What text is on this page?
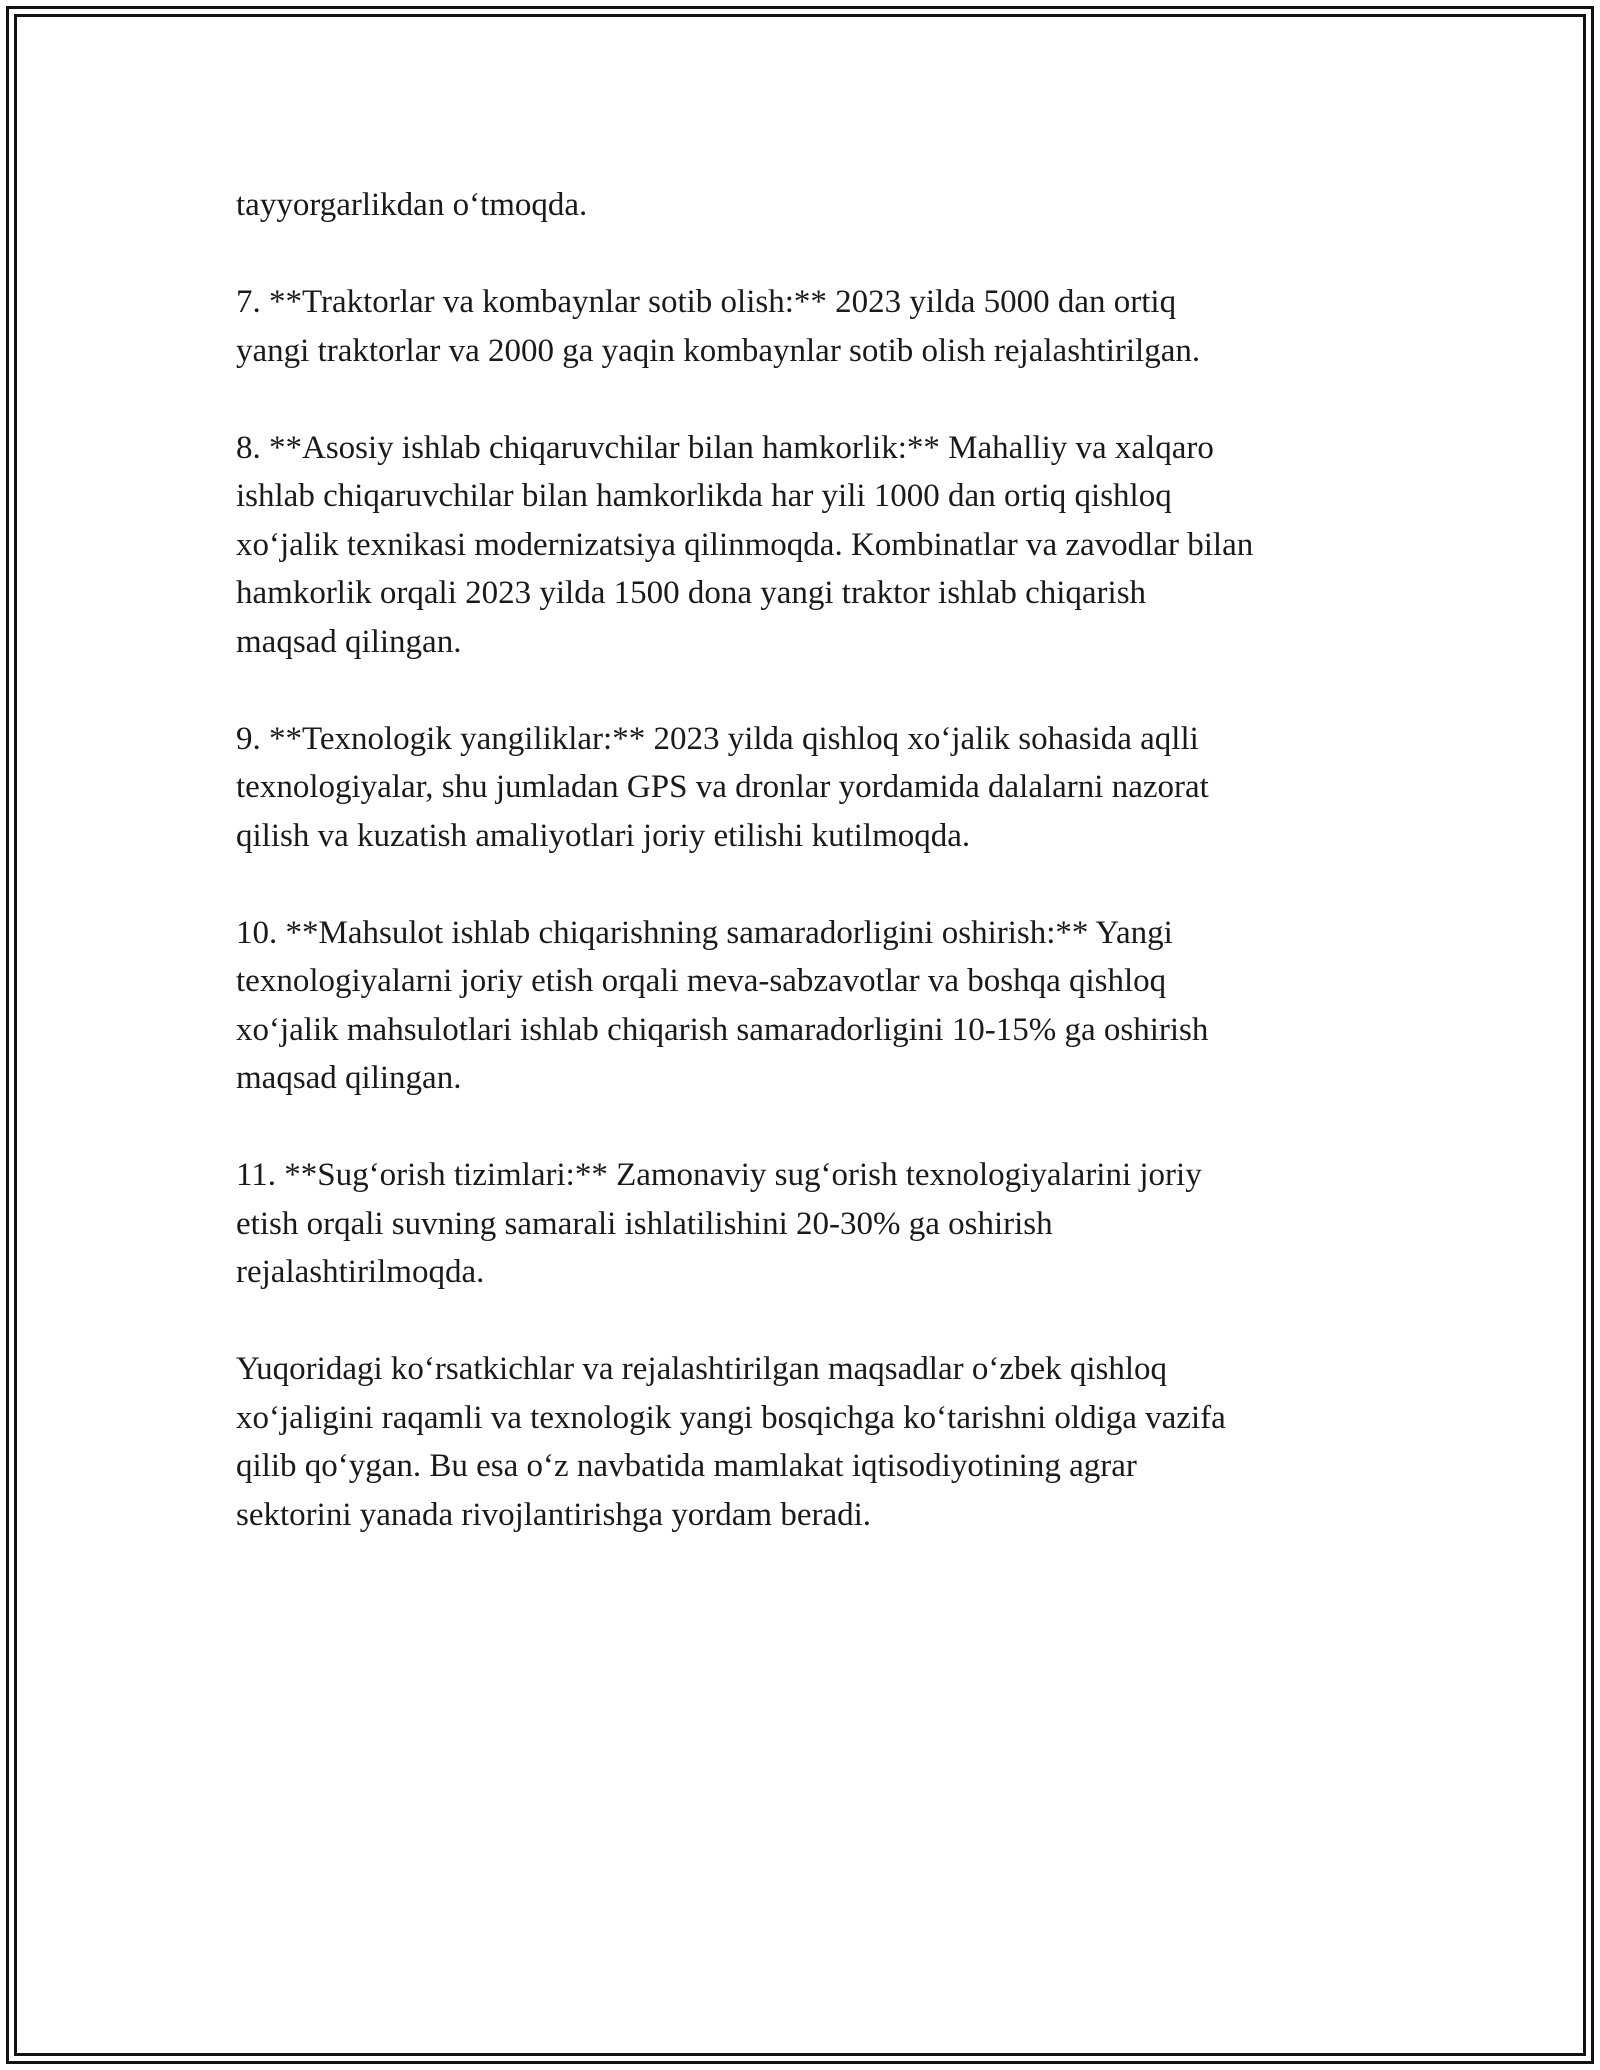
tayyorgarlikdan o‘tmoqda.

7. **Traktorlar va kombaynlar sotib olish:** 2023 yilda 5000 dan ortiq
yangi traktorlar va 2000 ga yaqin kombaynlar sotib olish rejalashtirilgan.

8. **Asosiy ishlab chiqaruvchilar bilan hamkorlik:** Mahalliy va xalqaro
ishlab chiqaruvchilar bilan hamkorlikda har yili 1000 dan ortiq qishloq
xo‘jalik texnikasi modernizatsiya qilinmoqda. Kombinatlar va zavodlar bilan
hamkorlik orqali 2023 yilda 1500 dona yangi traktor ishlab chiqarish
maqsad qilingan.

9. **Texnologik yangiliklar:** 2023 yilda qishloq xo‘jalik sohasida aqlli
texnologiyalar, shu jumladan GPS va dronlar yordamida dalalarni nazorat
qilish va kuzatish amaliyotlari joriy etilishi kutilmoqda.

10. **Mahsulot ishlab chiqarishning samaradorligini oshirish:** Yangi
texnologiyalarni joriy etish orqali meva-sabzavotlar va boshqa qishloq
xo‘jalik mahsulotlari ishlab chiqarish samaradorligini 10-15% ga oshirish
maqsad qilingan.

11. **Sug‘orish tizimlari:** Zamonaviy sug‘orish texnologiyalarini joriy
etish orqali suvning samarali ishlatilishini 20-30% ga oshirish
rejalashtirilmoqda.

Yuqoridagi ko‘rsatkichlar va rejalashtirilgan maqsadlar o‘zbek qishloq
xo‘jaligini raqamli va texnologik yangi bosqichga ko‘tarishni oldiga vazifa
qilib qo‘ygan. Bu esa o‘z navbatida mamlakat iqtisodiyotining agrar
sektorini yanada rivojlantirishga yordam beradi.
